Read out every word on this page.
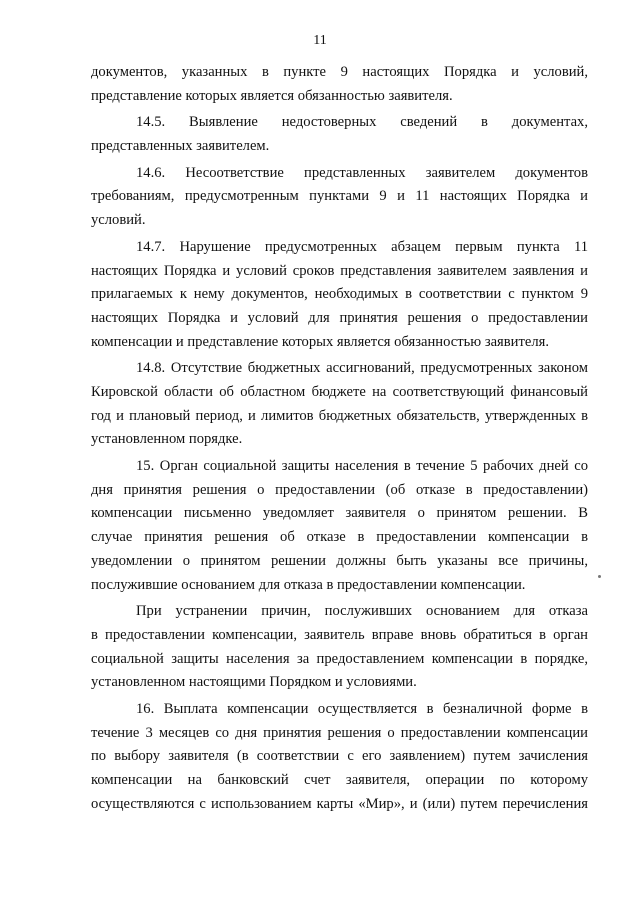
11
документов, указанных в пункте 9 настоящих Порядка и условий,
представление которых является обязанностью заявителя.
14.5. Выявление недостоверных сведений в документах,
представленных заявителем.
14.6. Несоответствие представленных заявителем документов
требованиям, предусмотренным пунктами 9 и 11 настоящих Порядка и
условий.
14.7. Нарушение предусмотренных абзацем первым пункта 11
настоящих Порядка и условий сроков представления заявителем заявления и
прилагаемых к нему документов, необходимых в соответствии с пунктом 9
настоящих Порядка и условий для принятия решения о предоставлении
компенсации и представление которых является обязанностью заявителя.
14.8. Отсутствие бюджетных ассигнований, предусмотренных законом
Кировской области об областном бюджете на соответствующий финансовый
год и плановый период, и лимитов бюджетных обязательств, утвержденных в
установленном порядке.
15. Орган социальной защиты населения в течение 5 рабочих дней со
дня принятия решения о предоставлении (об отказе в предоставлении)
компенсации письменно уведомляет заявителя о принятом решении. В
случае принятия решения об отказе в предоставлении компенсации в
уведомлении о принятом решении должны быть указаны все причины,
послужившие основанием для отказа в предоставлении компенсации.
При устранении причин, послуживших основанием для отказа
в предоставлении компенсации, заявитель вправе вновь обратиться в орган
социальной защиты населения за предоставлением компенсации в порядке,
установленном настоящими Порядком и условиями.
16. Выплата компенсации осуществляется в безналичной форме в
течение 3 месяцев со дня принятия решения о предоставлении компенсации
по выбору заявителя (в соответствии с его заявлением) путем зачисления
компенсации на банковский счет заявителя, операции по которому
осуществляются с использованием карты «Мир», и (или) путем перечисления
